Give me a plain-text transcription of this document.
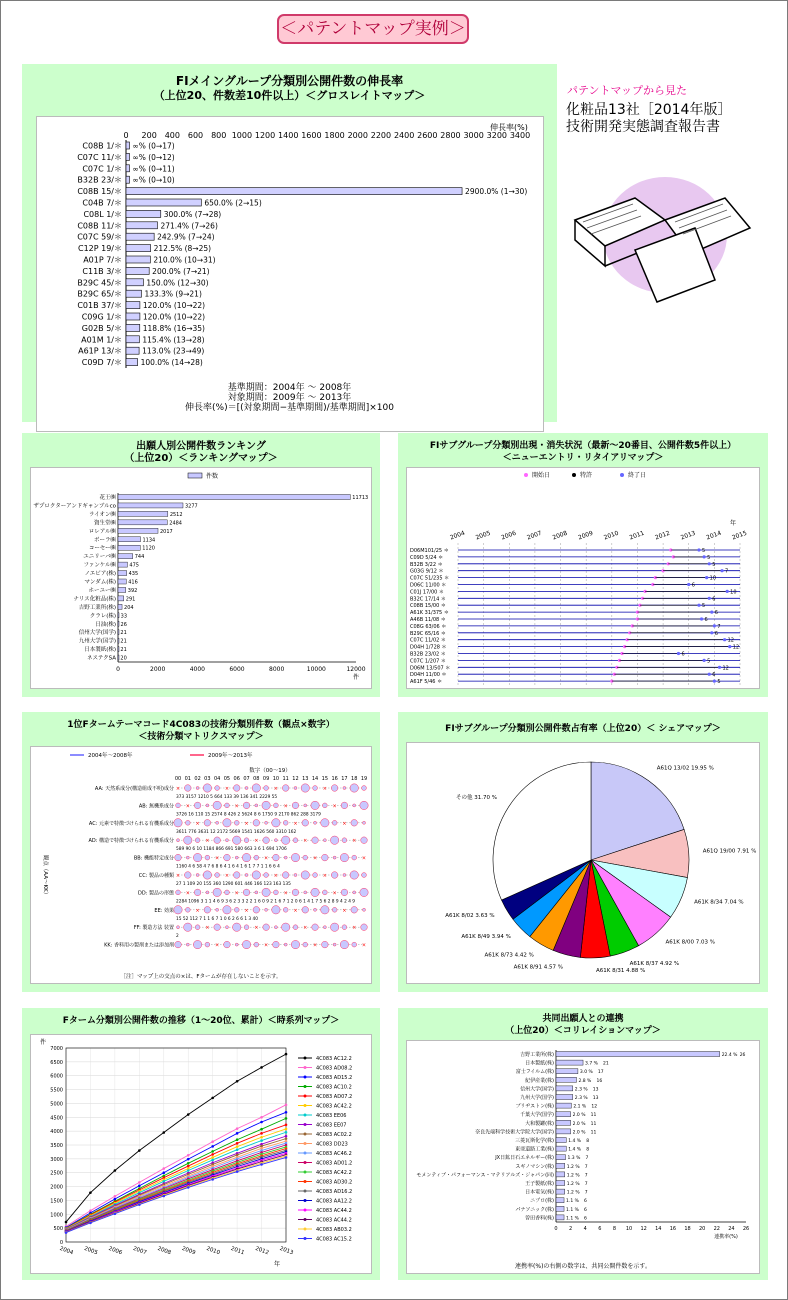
＜パテントマップ実例＞
FIメイングループ分類別公開件数の伸長率
（上位20、件数差10件以上）＜グロスレイトマップ＞
伸長率(%)
0 200 400 600 800 1000 1200 1400 1600 1800 2000 2200 2400 2600 2800 3000 3200 3400
C08B 1/＊ ∞% (0→17)
C07C 11/＊ ∞% (0→12)
C07C 1/＊ ∞% (0→11)
B32B 23/＊ ∞% (0→10)
C08B 15/＊	2900.0% (1→30)
C04B 7/＊	650.0% (2→15)
C08L 1/＊	300.0% (7→28)
C08B 11/＊	271.4% (7→26)
C07C 59/＊	242.9% (7→24)
C12P 19/＊	212.5% (8→25)
A01P 7/＊	210.0% (10→31)
C11B 3/＊	200.0% (7→21)
B29C 45/＊	150.0% (12→30)
B29C 65/＊	133.3% (9→21)
C01B 37/＊	120.0% (10→22)
C09G 1/＊	120.0% (10→22)
G02B 5/＊	118.8% (16→35)
A01M 1/＊	115.4% (13→28)
A61P 13/＊	113.0% (23→49)
C09D 7/＊ 100.0% (14→28)
基準期間：2004年 ～ 2008年
対象期間：2009年 ～ 2013年
伸長率(%)＝[(対象期間−基準期間)/基準期間]×100
パテントマップから見た
化粧品13社［2014年版］
技術開発実態調査報告書
出願人別公開件数ランキング
（上位20）＜ランキングマップ＞
件数
花王㈱	11713
ザプロクターアンドギャンブルco	3277
ライオン㈱	2512
資生堂㈱	2484
ロレアル㈱	2017
ポーラ㈱	1134
コーセー㈱	1120
ユニリーバ㈱	744
ファンケル㈱	475
ノエビア(株)	435
マンダム(株) 416
ホーユー㈱ 392
ナリス化粧品(株) 291
吉野工業所(株) 204
クラレ(株) 33
日油(株) 26
信州大学(国学) 21
九州大学(国学) 21
日本製紙(株) 21
ネステクSA 20
0	2000	4000	6000	8000	10000	12000
件
FIサブグループ分類別出現・消失状況（最新～20番目、公開件数5件以上）
＜ニューエントリ・リタイアリマップ＞
開始日	特許	終了日
2004 2005 2006 2007 2008 2009 2010 2011 2012 2013 2014 2015
年
D06M101/25 ＊	5
C09D 5/24 ＊	5
B32B 3/22 ＊	5
G03G 9/12 ＊	7
C07C 51/235 ＊	10
D06C 11/00 ＊	6
C01J 17/00 ＊	10
B32C 17/14 ＊	6
C08B 15/00 ＊	5
A61K 31/375 ＊	6
A46B 11/08 ＊	6
C08G 63/06 ＊	7
B29C 65/16 ＊	6
C07C 11/02 ＊	12
D04H 1/728 ＊	12
B32B 23/02 ＊	6
C07C 1/207 ＊	5
D06M 13/507 ＊	12
D04H 11/00 ＊	6
A61F 5/46 ＊	5
1位Fタームテーマコード4C083の技術分類別件数（観点×数字）
＜技術分類マトリクスマップ＞
2004年～2008年	2009年～2013年
数字（00～19）
観点（AA～KK）
00 01 02 03 04 05 06 07 08 09 10 11 12 13 14 15 16 17 18 19
AA: 天然系成分(構造組成不明)成分 ×	×	×	×
373 3157 1210 5 664 133 39 136 341 2229 55
AB: 無機系成分 ×	×	×	×
3726 16 110 15 2574 8 426 2 5624 8 6 1750 9 2170 862 288 3179
AC: 元素で特徴づけられる有機系成分	×	×	×	×
3611 776 3631 12 2172 5669 1541 1626 560 3310 162
AD: 構造で特徴づけられる有機系成分	×	×	×	×
589 90 6 10 1184 866 691 580 663 3 6 1 694 1706
BB: 機能特定成分	×	×	×	×
1160 4 6 58 4 7 6 8 6 4 1 6 4 1 6 1 7 7 1 1 6 6 4
CC: 製品の種類 ×	×	×	×
27 1 109 20 155 360 1290 601 446 166 123 163 135
DD: 製品の形態 ×	×	×	×
2284 1096 3 1 1 4 6 9 3 6 2 3 3 2 2 1 6 0 9 2 1 6 7 1 2 0 6 1 4 1 7 5 6 2 8 9 4 2 4 9
EE: 効果	×	×	×	×
15 52 112 7 1 1 6 7 1 0 6 2 6 6 1 3 40
FF: 製造方法 装置	×	×	×	×
2
KK: 香料用の製剤または添加剤	×	×	×	×
［注］マップ上の交点の×は、Fタームが存在しないことを示す。
FIサブグループ分類別公開件数占有率（上位20）＜ シェアマップ＞
A61Q 13/02 19.95 %
A61Q 19/00 7.91 %
A61K 8/34 7.04 %
A61K 8/00 7.03 %
A61K 8/37 4.92 %
A61K 8/31 4.88 %
A61K 8/91 4.57 %
A61K 8/73 4.42 %
A61K 8/49 3.94 %
A61K 8/02 3.63 %
その他 31.70 %
Fターム分類別公開件数の推移（1～20位、累計）＜時系列マップ＞
件
0
500
1000
1500
2000
2500
3000
3500
4000
4500
5000
5500
6000
6500
7000
2004 2005 2006 2007 2008 2009 2010 2011 2012 2013
年
4C083 AC12.2
4C083 AD08.2
4C083 AD15.2
4C083 AC10.2
4C083 AD07.2
4C083 AC42.2
4C083 EE06
4C083 EE07
4C083 AC02.2
4C083 DD23
4C083 AC46.2
4C083 AD01.2
4C083 AC42.2
4C083 AD30.2
4C083 AD16.2
4C083 AA12.2
4C083 AC44.2
4C083 AC44.2
4C083 AB03.2
4C083 AC15.2
共同出願人との連携
（上位20）＜コリレイションマップ＞
吉野工業所(株)	22.4 % 26
日本製紙(株)	3.7 % 21
富士フイルム(株)	3.0 % 17
紀伊産業(株)	2.8 % 16
信州大学(国学)	2.3 % 13
九州大学(国学)	2.3 % 13
ブリヂストン(株)	2.1 % 12
千葉大学(国学)	2.0 % 11
大和製罐(株)	2.0 % 11
奈良先端科学技術大学院大学(国学)	2.0 % 11
三菱瓦斯化学(株)	1.4 % 8
東亜道路工業(株)	1.4 % 8
JX日鉱日石エネルギー(株)	1.3 % 7
スギノマシン(株)	1.2 % 7
モメンティブ・パフォーマンス・マテリアルズ・ジャパン(同)	1.2 % 7
王子製紙(株)	1.2 % 7
日本電気(株)	1.2 % 7
ニプロ(株)	1.1 % 6
パナソニック(株)	1.1 % 6
曽田香料(株)	1.1 % 6
0 2 4 6 8 10 12 14 16 18 20 22 24 26
連携率(%)
連携率(%)の右側の数字は、共同公開件数を示す。
